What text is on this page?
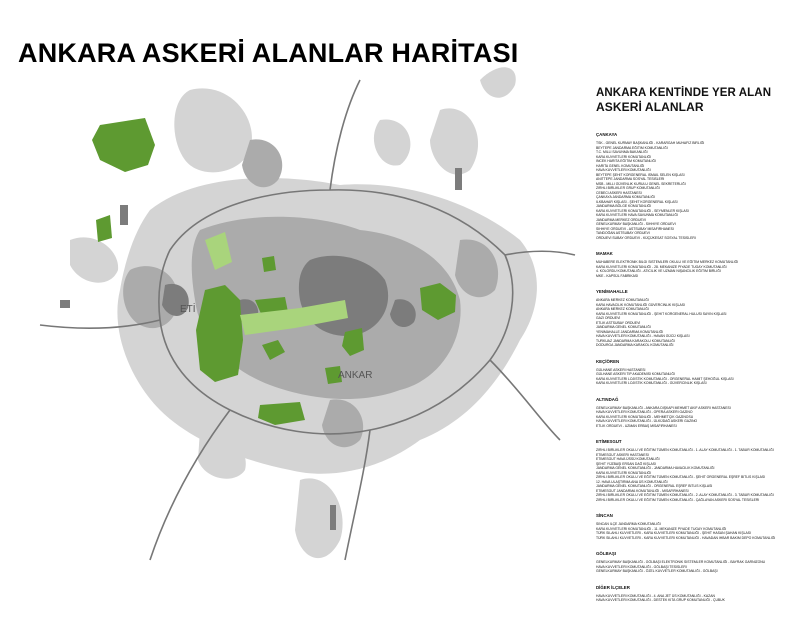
ANKARA ASKERİ ALANLAR HARİTASI
ETİ
ANKAR
ANKARA KENTİNDE YER ALAN
ASKERİ ALANLAR
ÇANKAYA
TSK - GENEL KURMAY BAŞKANLIĞI - KARARGAH MUHAFIZ BİRLİĞİ
BEYTEPE JANDARMA EĞİTİM KOMUTANLIĞI
T.C. MİLLİ SAVUNMA BAKANLIĞI
KARA KUVVETLERİ KOMUTANLIĞI
İNCEK HARİTA EĞİTİM KOMUTANLIĞI
HARİTA GENEL KOMUTANLIĞI
HAVA KUVVETLERİ KOMUTANLIĞI
BEYTEPE ŞEHİT KORGENERAL İSMAİL SELEN KIŞLASI
ANITTEPE JANDARMA SOSYAL TESİSLERİ
MSB - MİLLİ GÜVENLİK KURULU GENEL SEKRETERLİĞİ
ZIRHLI BİRLİKLER GRUP KOMUTANLIĞI
CEBECİ ASKERİ HASTANESİ
ÇANKAYA JANDARMA KOMUTANLIĞI
İLKBAHAR KIŞLASI - ŞEHİT KORGENERAL KIŞLASI
JANDARMA BÖLGE KOMUTANLIĞI
KARA KUVVETLERİ KOMUTANLIĞI - SEYMENLER KIŞLASI
KARA KUVVETLERİ HAVA SAVUNMA KOMUTANLIĞI
JANDARMA MERKEZ ORDUEVİ
GENELKURMAY BAŞKANLIĞI - SIHHİYE ORDUEVİ
SIHHİYE ORDUEVİ - ASTSUBAY MİSAFİRHANESİ
TANDOĞAN ASTSUBAY ORDUEVİ
ORDUEVİ SUBAY ORDUEVİ - KÜÇÜKESAT SOSYAL TESİSLERİ
MAMAK
MUHABERE ELEKTRONİK BİLGİ SİSTEMLERİ OKULU VE EĞİTİM MERKEZ KOMUTANLIĞI
KARA KUVVETLERİ KOMUTANLIĞI - 28. MEKANİZE PİYADE TUGAY KOMUTANLIĞI
4. KOLORDU KOMUTANLIĞI - ATICILIK VE UZMAN NİŞANCILIK EĞİTİM BİRLİĞİ
MKE - KAPSÜL FABRİKASI
YENİMAHALLE
ANKARA MERKEZ KOMUTANLIĞI
KARA HAVACILIK KOMUTANLIĞI GÜVERCİNLİK KIŞLASI
ANKARA MERKEZ KOMUTANLIĞI
KARA KUVVETLERİ KOMUTANLIĞI - ŞEHİT KORGENERAL HULUSİ SAYIN KIŞLASI
GAZİ ORDUEVİ
ETLİK ASTSUBAY ORDUEVİ
JANDARMA GENEL KOMUTANLIĞI
YENİMAHALLE JANDARMA KOMUTANLIĞI
HAVA KUVVETLERİ KOMUTANLIĞI - HAVAN GÜCÜ KIŞLASI
TURKUAZ JANDARMA KARAKOLU KOMUTANLIĞI
DODURGA JANDARMA KARAKOL KOMUTANLIĞI
KEÇİÖREN
GÜLHANE ASKERİ HASTANESİ
GÜLHANE ASKERİ TIP AKADEMİSİ KOMUTANLIĞI
KARA KUVVETLERİ LOJİSTİK KOMUTANLIĞI - ORGENERAL HAMİT ŞEHOĞUL KIŞLASI
KARA KUVVETLERİ LOJİSTİK KOMUTANLIĞI - GÜVERCİNLİK KIŞLASI
ALTINDAĞ
GENELKURMAY BAŞKANLIĞI - ANKARA DIŞKAPI MEHMET AKİF ASKERİ HASTANESİ
HAVA KUVVETLERİ KOMUTANLIĞI - OPERA ASKERİ GAZİNO
KARA KUVVETLERİ KOMUTANLIĞI - MEHMETÇİK GAZİNOSU
HAVA KUVVETLERİ KOMUTANLIĞI - ÜLKÜDAĞ ASKERİ GAZİNO
ETLİK ORDUEVİ - UZMAN ERBAŞ MİSAFİRHANESİ
ETİMESGUT
ZIRHLI BİRLİKLER OKULU VE EĞİTİM TÜMEN KOMUTANLIĞI - 1. ALAY KOMUTANLIĞI - 1. TABUR KOMUTANLIĞI
ETİMESGUT ASKERİ HASTANESİ
ETİMESGUT HAVA ÜSSÜ KOMUTANLIĞI
ŞEHİT YÜZBAŞI ERSAN DAĞ KIŞLASI
JANDARMA GENEL KOMUTANLIĞI - JANDARMA HAVACILIK KOMUTANLIĞI
KARA KUVVETLERİ KOMUTANLIĞI
ZIRHLI BİRLİKLER OKULU VE EĞİTİM TÜMEN KOMUTANLIĞI - ŞEHİT ORGENERAL EŞREF BİTLİS KIŞLASI
12. HAVA ULAŞTIRMA ANA ÜS KOMUTANLIĞI
JANDARMA GENEL KOMUTANLIĞI - ORGENERAL EŞREF BİTLİS KIŞLASI
ETİMESGUT JANDARMA KOMUTANLIĞI - MİSAFİRHANESİ
ZIRHLI BİRLİKLER OKULU VE EĞİTİM TÜMEN KOMUTANLIĞI - 2. ALAY KOMUTANLIĞI - 3. TABUR KOMUTANLIĞI
ZIRHLI BİRLİKLER OKULU VE EĞİTİM TÜMEN KOMUTANLIĞI - ÇAĞLAYAN ASKERİ SOSYAL TESİSLERİ
SİNCAN
SİNCAN İLÇE JANDARMA KOMUTANLIĞI
KARA KUVVETLERİ KOMUTANLIĞI - 11. MEKANİZE PİYADE TUGAY KOMUTANLIĞI
TÜRK SİLAHLI KUVVETLERİ - KARA KUVVETLERİ KOMUTANLIĞI - ŞEHİT HASAN ŞAHAN KIŞLASI
TÜRK SİLAHLI KUVVETLERİ - KARA KUVVETLERİ KOMUTANLIĞI - HAVADAN İHBAR BAKIM DEPO KOMUTANLIĞI
GÖLBAŞI
GENELKURMAY BAŞKANLIĞI - GÖLBAŞI ELEKTRONİK SİSTEMLER KOMUTANLIĞI - BAYRAK GARNİZONU
HAVA KUVVETLERİ KOMUTANLIĞI - GÖLBAŞI TESİSLERİ
GENELKURMAY BAŞKANLIĞI - ÖZEL KUVVETLER KOMUTANLIĞI - GÖLBAŞI
DİĞER İLÇELER
HAVA KUVVETLERİ KOMUTANLIĞI - 4. ANA JET ÜS KOMUTANLIĞI - KAZAN
HAVA KUVVETLERİ KOMUTANLIĞI - DESTEK KITA GRUP KOMUTANLIĞI - ÇUBUK
